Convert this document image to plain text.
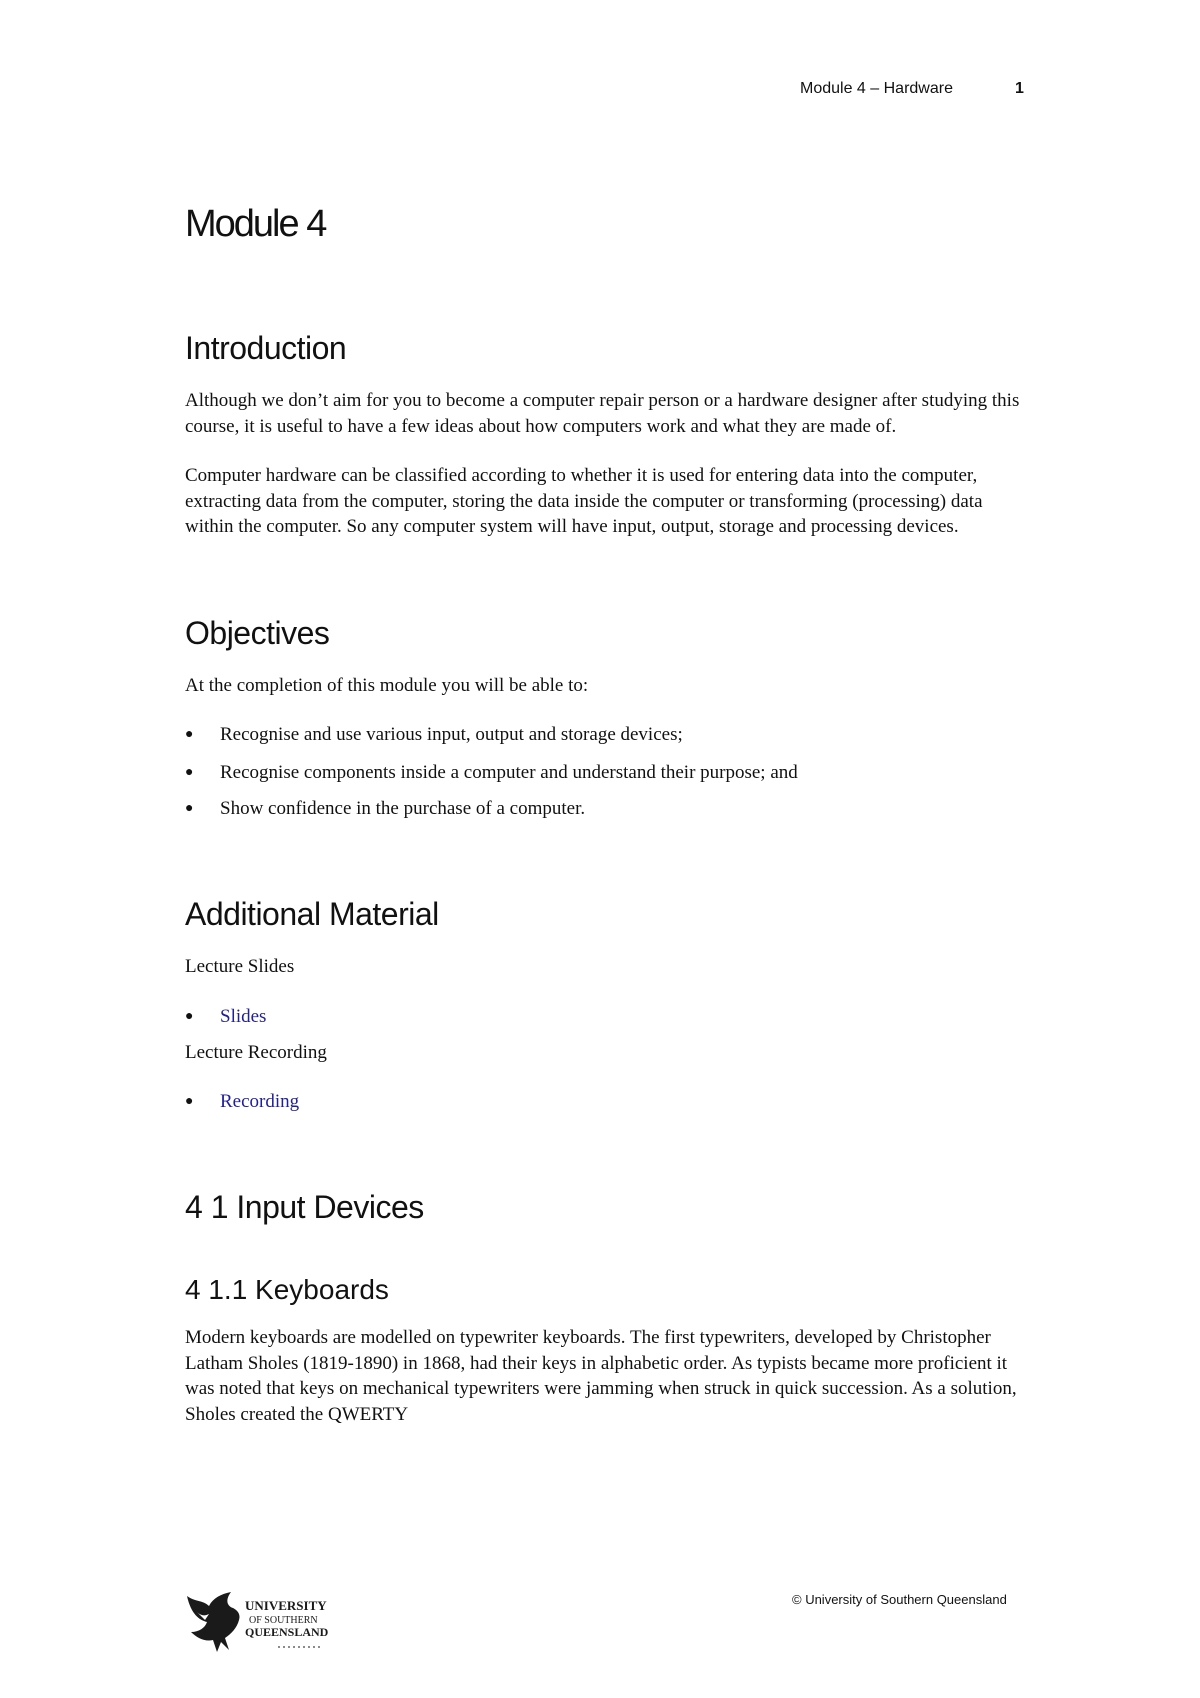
Module 4 – Hardware	1
Module 4
Introduction

Although we don’t aim for you to become a computer repair person or a hardware designer after studying this course, it is useful to have a few ideas about how computers work and what they are made of.

Computer hardware can be classified according to whether it is used for entering data into the computer, extracting data from the computer, storing the data inside the computer or transforming (processing) data within the computer. So any computer system will have input, output, storage and processing devices.

Objectives

At the completion of this module you will be able to:

● Recognise and use various input, output and storage devices;
● Recognise components inside a computer and understand their purpose; and
● Show confidence in the purchase of a computer.
Additional Material

Lecture Slides

● Slides

Lecture Recording

● Recording
4 1 Input Devices
4 1.1 Keyboards

Modern keyboards are modelled on typewriter keyboards. The first typewriters, developed by Christopher Latham Sholes (1819-1890) in 1868, had their keys in alphabetic order. As typists became more proficient it was noted that keys on mechanical typewriters were jamming when struck in quick succession. As a solution, Sholes created the QWERTY

© University of Southern Queensland
UNIVERSITY
OF SOUTHERN
QUEENSLAND
